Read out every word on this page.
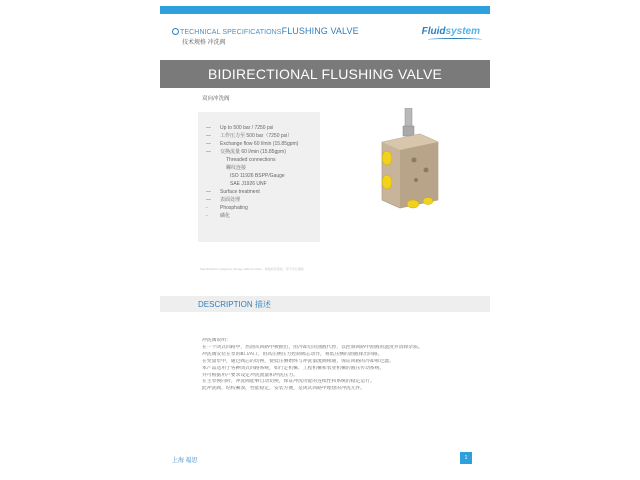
TECHNICAL SPECIFICATIONSFLUSHING VALVE
技术规格 冲洗阀
Fluidsystem
BIDIRECTIONAL FLUSHING VALVE
双向冲洗阀
— Up to 500 bar / 7250 psi
— 工作压力至 500 bar（7250 psi）
— Exchange flow 60 l/min (15.85gpm)
— 交换流量 60 l/min (15.85gpm)
Threaded connections
螺纹连接
ISO 11926 BSPP/Gauge
SAE J1926 UNF
— Surface treatment
— 表面处理
- Phosphating
- 磷化
Specifications subject to change without notice · 规格如有更改，恕不另行通知
DESCRIPTION 描述
冲洗阀说明：
在一个闭式回路中，热油从回路中被抽出，由冷却后的油液代替，以控制回路中油液的温度并清除杂质。
冲洗阀安装在泵的B口/A口，由高压侧压力控制阀芯动作，将低压侧的油液排出回路。
在变量泵中，通过阀芯的切换，使低压侧始终与冲洗溢流阀相通，保证回路的冷却和过滤。
本产品适用于各种闭式回路系统，如行走机械、工程机械和农业机械的液压传动系统，
并可根据用户要求设定冲洗流量和冲洗压力。
在主泵换向时，冲洗阀能够自动切换，保证冲洗功能的连续性和系统的稳定运行。
此冲洗阀，结构紧凑，性能稳定，安装方便，是闭式回路中理想的冲洗元件。
上海 福思	1
